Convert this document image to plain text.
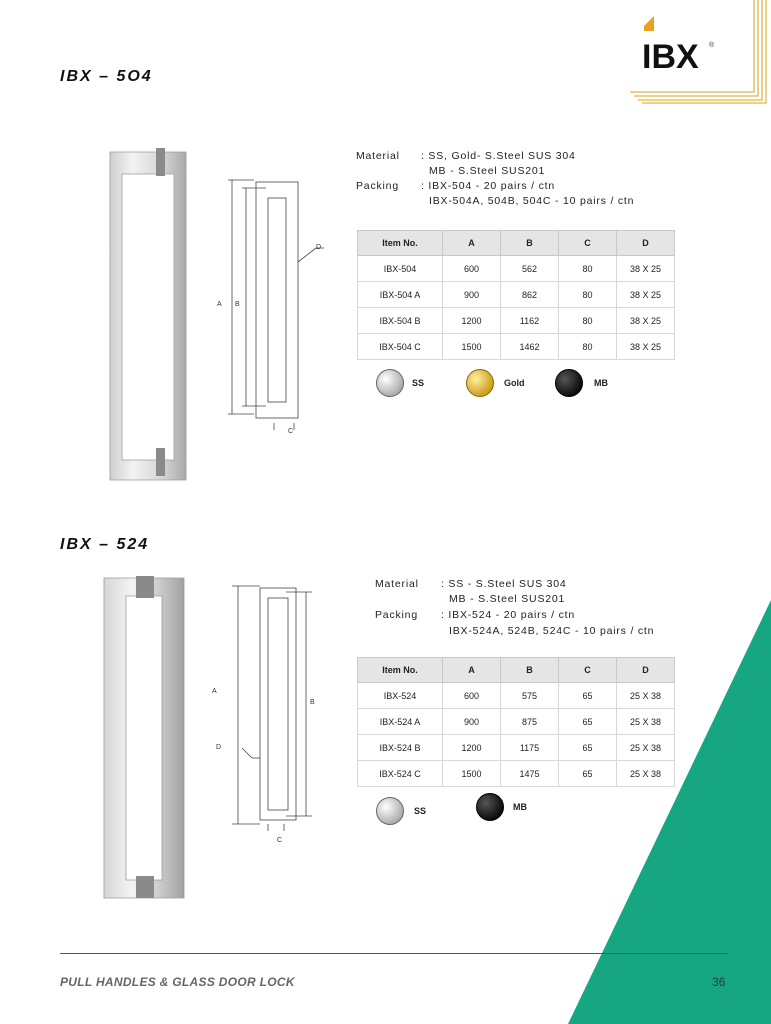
IBX ®
IBX – 5O4
A B
C
D
Material : SS, Gold- S.Steel SUS 304
MB - S.Steel SUS201
Packing : IBX-504 - 20 pairs / ctn
IBX-504A, 504B, 504C - 10 pairs / ctn
Item No.	A	B	C	D
IBX-504	600	562	80	38 X 25
IBX-504 A	900	862	80	38 X 25
IBX-504 B	1200	1162	80	38 X 25
IBX-504 C	1500	1462	80	38 X 25
SS	Gold	MB
IBX – 524
A
B
C
D
Material : SS - S.Steel SUS 304
MB - S.Steel SUS201
Packing : IBX-524 - 20 pairs / ctn
IBX-524A, 524B, 524C - 10 pairs / ctn
Item No.	A	B	C	D
IBX-524	600	575	65	25 X 38
IBX-524 A	900	875	65	25 X 38
IBX-524 B	1200	1175	65	25 X 38
IBX-524 C	1500	1475	65	25 X 38
SS	MB
PULL HANDLES & GLASS DOOR LOCK	36
